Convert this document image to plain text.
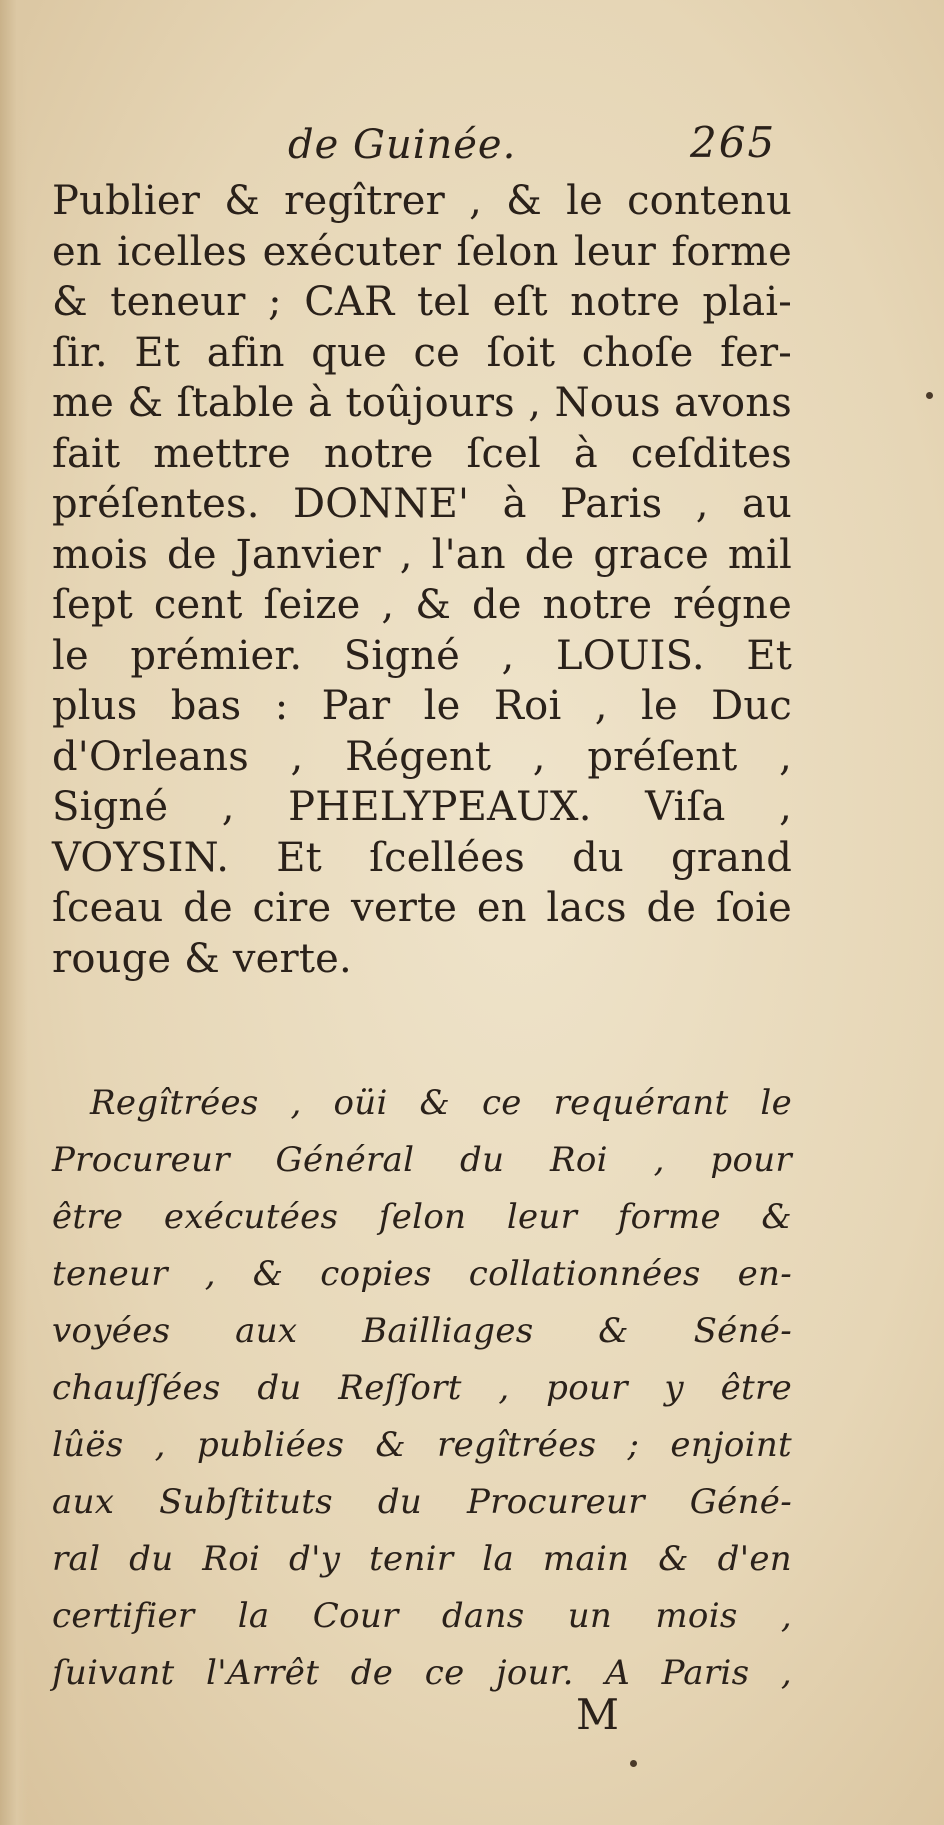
de Guinée.	265
Publier & regîtrer , & le contenu
en icelles exécuter ſelon leur forme
& teneur ; CAR tel eſt notre plai-
ſir. Et afin que ce ſoit choſe fer-
me & ſtable à toûjours , Nous avons
fait mettre notre ſcel à ceſdites
préſentes. DONNE' à Paris , au
mois de Janvier , l'an de grace mil
ſept cent ſeize , & de notre régne
le prémier. Signé , LOUIS. Et
plus bas : Par le Roi , le Duc
d'Orleans , Régent , préſent ,
Signé , PHELYPEAUX. Viſa ,
VOYSIN. Et ſcellées du grand
ſceau de cire verte en lacs de ſoie
rouge & verte.
Regîtrées , oüi & ce requérant le
Procureur Général du Roi , pour
être exécutées ſelon leur forme &
teneur , & copies collationnées en-
voyées aux Bailliages & Séné-
chauſſées du Reſſort , pour y être
lûës , publiées & regîtrées ; enjoint
aux Subſtituts du Procureur Géné-
ral du Roi d'y tenir la main & d'en
certifier la Cour dans un mois ,
ſuivant l'Arrêt de ce jour. A Paris ,
M
